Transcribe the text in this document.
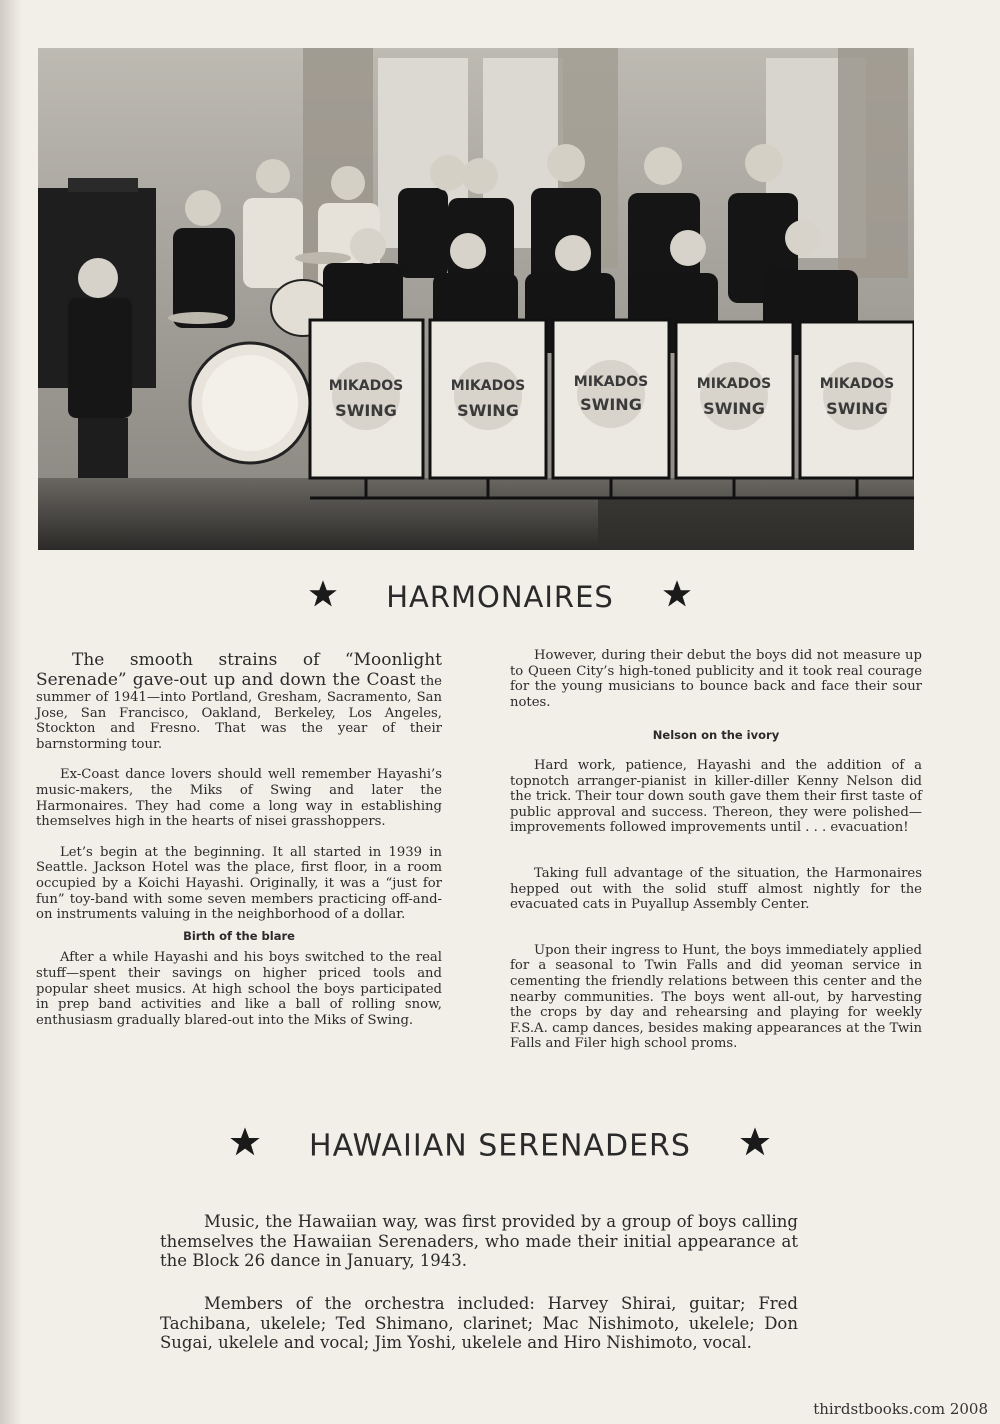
MIKADOS
SWING
MIKADOS
SWING
MIKADOS
SWING
MIKADOS
SWING
MIKADOS
SWING
HARMONAIRES

The smooth strains of “Moonlight Serenade” gave-out up and down the Coast the summer of 1941—into Portland, Gresham, Sacramento, San Jose, San Francisco, Oakland, Berkeley, Los Angeles, Stockton and Fresno. That was the year of their barnstorming tour.

Ex-Coast dance lovers should well remember Hayashi’s music-makers, the Miks of Swing and later the Harmonaires. They had come a long way in establishing themselves high in the hearts of nisei grasshoppers.

Let’s begin at the beginning. It all started in 1939 in Seattle. Jackson Hotel was the place, first floor, in a room occupied by a Koichi Hayashi. Originally, it was a “just for fun” toy-band with some seven members practicing off-and-on instruments valuing in the neighborhood of a dollar.

Birth of the blare

After a while Hayashi and his boys switched to the real stuff—spent their savings on higher priced tools and popular sheet musics. At high school the boys participated in prep band activities and like a ball of rolling snow, enthusiasm gradually blared-out into the Miks of Swing.

However, during their debut the boys did not measure up to Queen City’s high-toned publicity and it took real courage for the young musicians to bounce back and face their sour notes.

Nelson on the ivory

Hard work, patience, Hayashi and the addition of a topnotch arranger-pianist in killer-diller Kenny Nelson did the trick. Their tour down south gave them their first taste of public approval and success. Thereon, they were polished—improvements followed improvements until . . . evacuation!

Taking full advantage of the situation, the Harmonaires hepped out with the solid stuff almost nightly for the evacuated cats in Puyallup Assembly Center.

Upon their ingress to Hunt, the boys immediately applied for a seasonal to Twin Falls and did yeoman service in cementing the friendly relations between this center and the nearby communities. The boys went all-out, by harvesting the crops by day and rehearsing and playing for weekly F.S.A. camp dances, besides making appearances at the Twin Falls and Filer high school proms.

HAWAIIAN SERENADERS

Music, the Hawaiian way, was first provided by a group of boys calling themselves the Hawaiian Serenaders, who made their initial appearance at the Block 26 dance in January, 1943.

Members of the orchestra included: Harvey Shirai, guitar; Fred Tachibana, ukelele; Ted Shimano, clarinet; Mac Nishimoto, ukelele; Don Sugai, ukelele and vocal; Jim Yoshi, ukelele and Hiro Nishimoto, vocal.

thirdstbooks.com 2008
